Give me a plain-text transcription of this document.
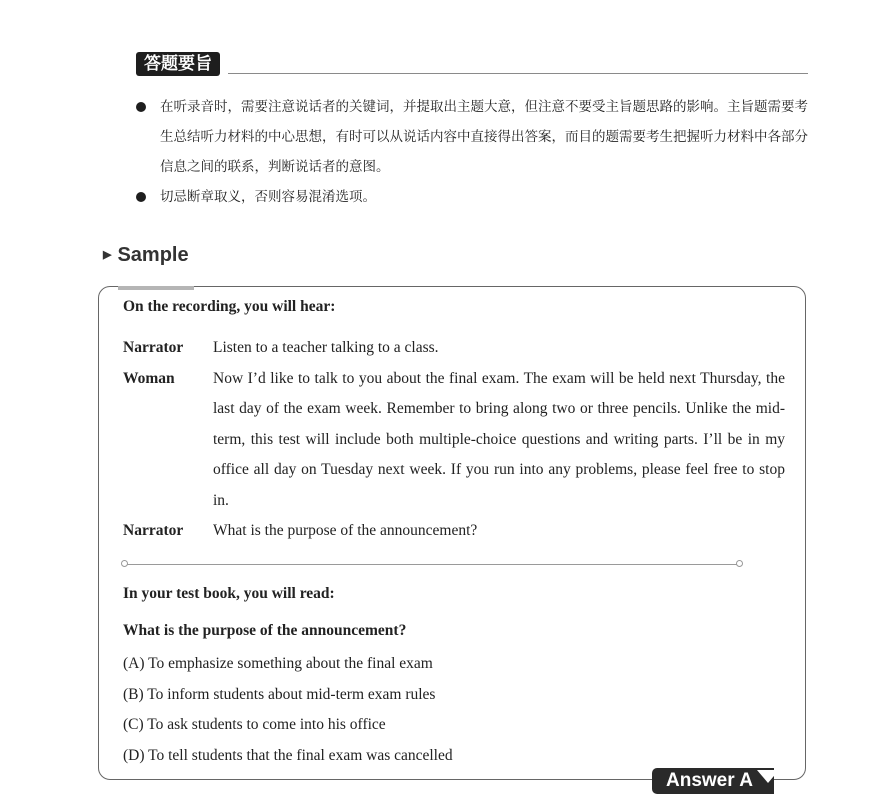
答题要旨
在听录音时，需要注意说话者的关键词，并提取出主题大意，但注意不要受主旨题思路的影响。主旨题需要考生总结听力材料的中心思想，有时可以从说话内容中直接得出答案，而目的题需要考生把握听力材料中各部分信息之间的联系，判断说话者的意图。
切忌断章取义，否则容易混淆选项。
▶ Sample
On the recording, you will hear:
Narrator	Listen to a teacher talking to a class.
Woman	Now I’d like to talk to you about the final exam. The exam will be held next Thursday, the last day of the exam week. Remember to bring along two or three pencils. Unlike the mid-term, this test will include both multiple-choice questions and writing parts. I’ll be in my office all day on Tuesday next week. If you run into any problems, please feel free to stop in.
Narrator	What is the purpose of the announcement?
In your test book, you will read:
What is the purpose of the announcement?
(A) To emphasize something about the final exam
(B) To inform students about mid-term exam rules
(C) To ask students to come into his office
(D) To tell students that the final exam was cancelled
Answer A
